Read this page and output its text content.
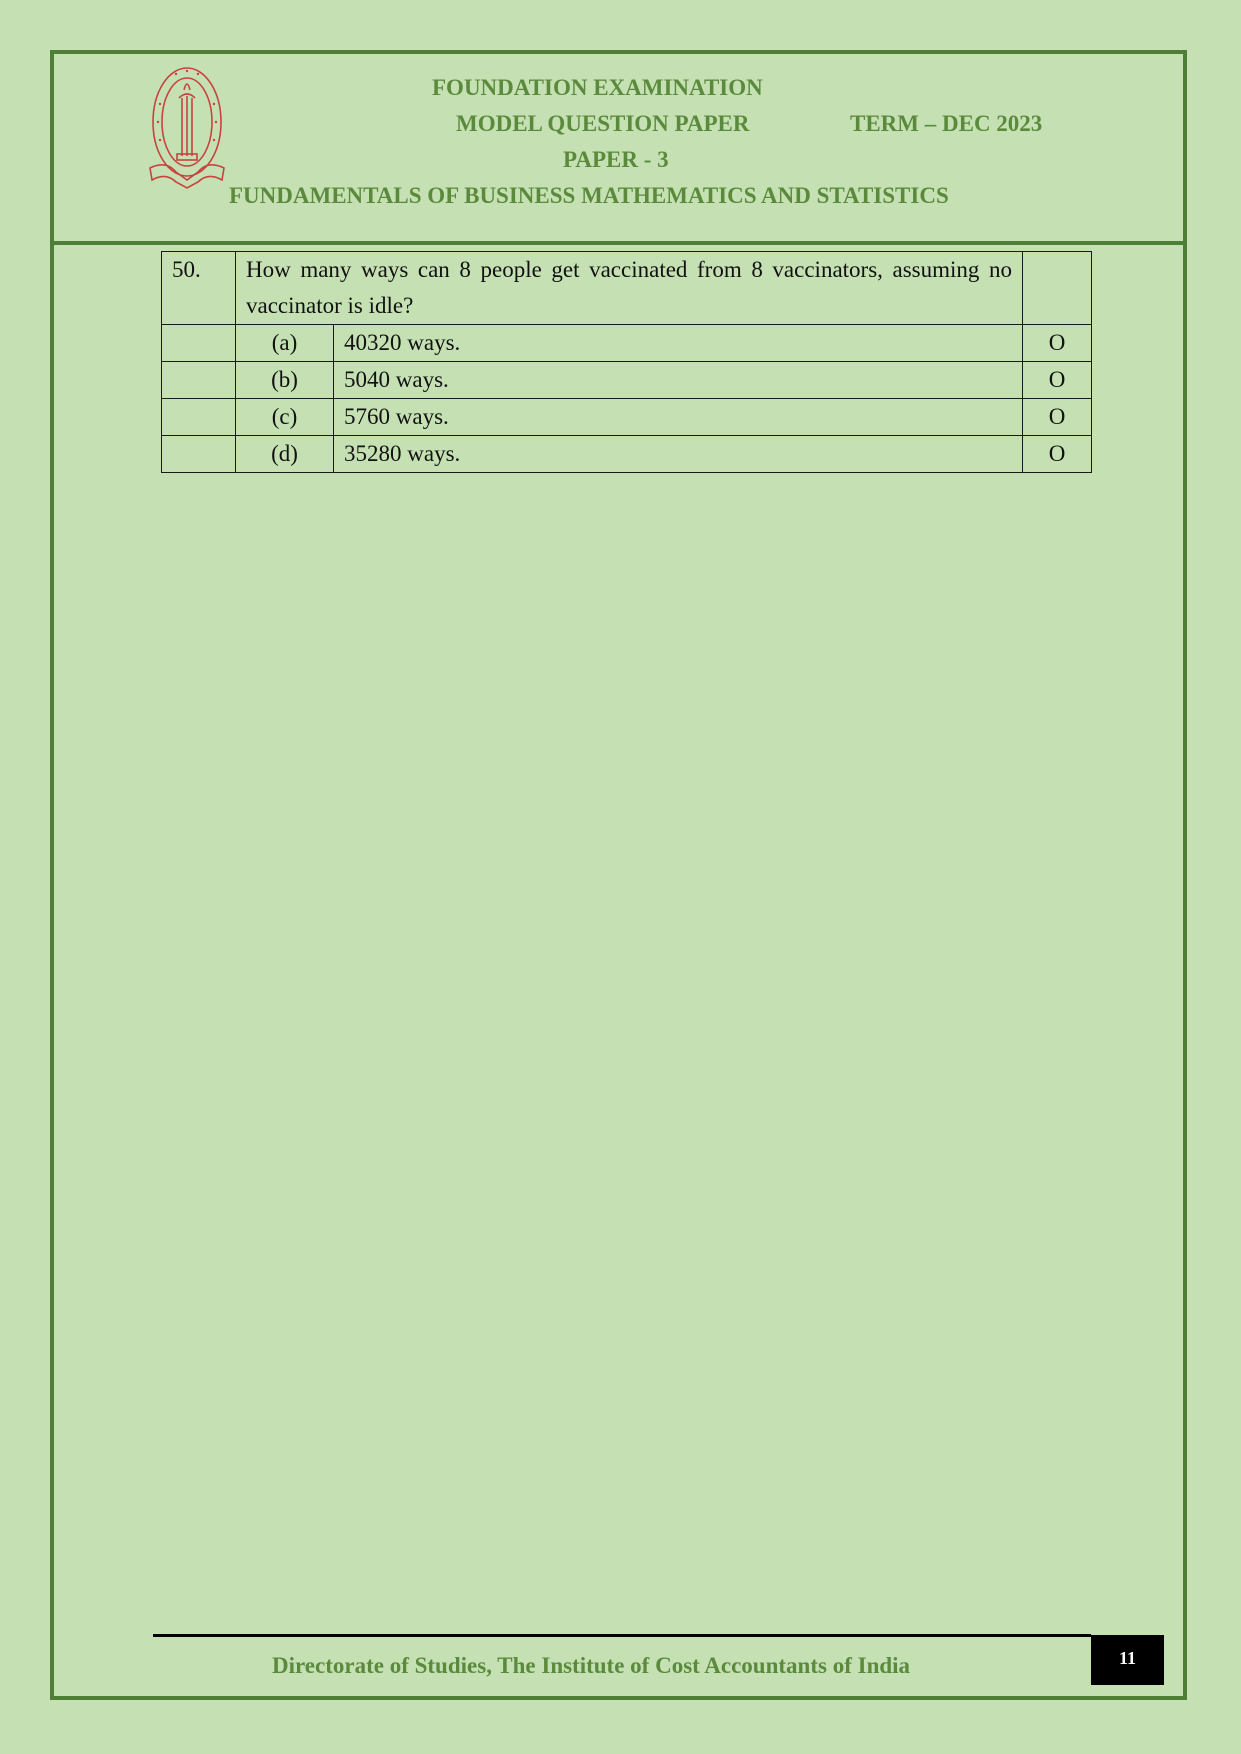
FOUNDATION EXAMINATION
MODEL QUESTION PAPER	TERM – DEC 2023
PAPER - 3
FUNDAMENTALS OF BUSINESS MATHEMATICS AND STATISTICS
50.	How many ways can 8 people get vaccinated from 8 vaccinators, assuming no vaccinator is idle?		
	(a)	40320 ways.	O
	(b)	5040 ways.	O
	(c)	5760 ways.	O
	(d)	35280 ways.	O
Directorate of Studies, The Institute of Cost Accountants of India	11
